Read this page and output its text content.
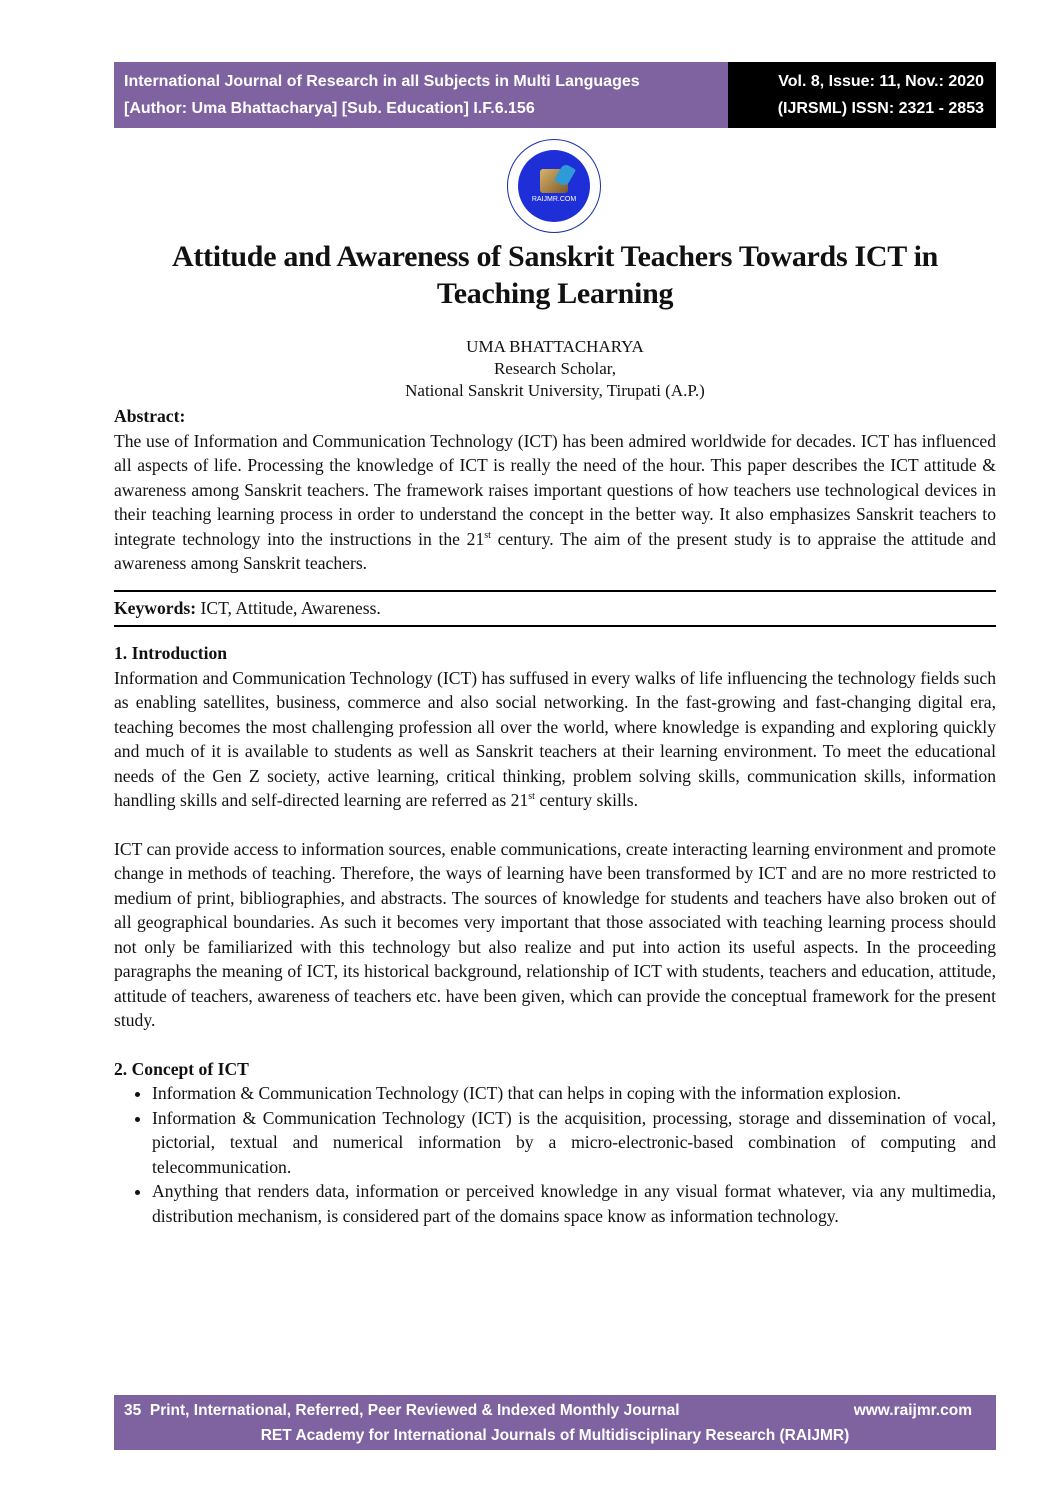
International Journal of Research in all Subjects in Multi Languages
[Author: Uma Bhattacharya] [Sub. Education] I.F.6.156
Vol. 8, Issue: 11, Nov.: 2020
(IJRSML) ISSN: 2321 - 2853
RAIJMR.COM
Attitude and Awareness of Sanskrit Teachers Towards ICT in Teaching Learning
UMA BHATTACHARYA
Research Scholar,
National Sanskrit University, Tirupati (A.P.)
Abstract:

The use of Information and Communication Technology (ICT) has been admired worldwide for decades. ICT has influenced all aspects of life. Processing the knowledge of ICT is really the need of the hour. This paper describes the ICT attitude & awareness among Sanskrit teachers. The framework raises important questions of how teachers use technological devices in their teaching learning process in order to understand the concept in the better way. It also emphasizes Sanskrit teachers to integrate technology into the instructions in the 21st century. The aim of the present study is to appraise the attitude and awareness among Sanskrit teachers.

Keywords: ICT, Attitude, Awareness.
1. Introduction

Information and Communication Technology (ICT) has suffused in every walks of life influencing the technology fields such as enabling satellites, business, commerce and also social networking. In the fast-growing and fast-changing digital era, teaching becomes the most challenging profession all over the world, where knowledge is expanding and exploring quickly and much of it is available to students as well as Sanskrit teachers at their learning environment. To meet the educational needs of the Gen Z society, active learning, critical thinking, problem solving skills, communication skills, information handling skills and self-directed learning are referred as 21st century skills.

ICT can provide access to information sources, enable communications, create interacting learning environment and promote change in methods of teaching. Therefore, the ways of learning have been transformed by ICT and are no more restricted to medium of print, bibliographies, and abstracts. The sources of knowledge for students and teachers have also broken out of all geographical boundaries. As such it becomes very important that those associated with teaching learning process should not only be familiarized with this technology but also realize and put into action its useful aspects. In the proceeding paragraphs the meaning of ICT, its historical background, relationship of ICT with students, teachers and education, attitude, attitude of teachers, awareness of teachers etc. have been given, which can provide the conceptual framework for the present study.

2. Concept of ICT
• Information & Communication Technology (ICT) that can helps in coping with the information explosion.
• Information & Communication Technology (ICT) is the acquisition, processing, storage and dissemination of vocal, pictorial, textual and numerical information by a micro-electronic-based combination of computing and telecommunication.
• Anything that renders data, information or perceived knowledge in any visual format whatever, via any multimedia, distribution mechanism, is considered part of the domains space know as information technology.
35 Print, International, Referred, Peer Reviewed & Indexed Monthly Journal	www.raijmr.com
RET Academy for International Journals of Multidisciplinary Research (RAIJMR)
